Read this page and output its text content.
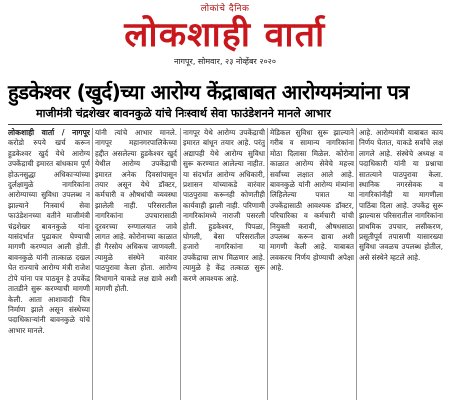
लोकांचे दैनिक
लोकशाही वार्ता
नागपूर, सोमवार, २३ नोव्हेंबर २०२०
हुडकेश्वर (खुर्द)च्या आरोग्य केंद्राबाबत आरोग्यमंत्र्यांना पत्र
माजीमंत्री चंद्रशेखर बावनकुळे यांचे निःस्वार्थ सेवा फाउंडेशनने मानले आभार
लोकशाही वार्ता / नागपूर करोडो रुपये खर्च करून हुडकेश्वर खुर्द येथे आरोग्य उपकेंद्राची इमारत बांधकाम पूर्ण होऊनसुद्धा अधिकाऱ्यांच्या दुर्लक्षामुळे नागरिकांना आरोग्याच्या सुविधा उपलब्ध न झाल्याने निःस्वार्थ सेवा फाउंडेशनच्या वतीने माजीमंत्री चंद्रशेखर बावनकुळे यांना यासंदर्भात पुढाकार घेण्याची मागणी करण्यात आली होती. बावनकुळे यांनी तात्काळ दखल घेत राज्याचे आरोग्य मंत्री राजेश टोपे यांना पत्र पाठवून हे उपकेंद्र तातडीने सुरू करण्याची मागणी केली. आता आशावादी चित्र निर्माण झाले असून संस्थेच्या पदाधिकाऱ्यांनी बावनकुळे यांचे आभार मानले.
यांनी त्यांचे आभार मानले. नागपूर महानगरपालिकेच्या हद्दीत असलेल्या हुडकेश्वर खुर्द येथील आरोग्य उपकेंद्राची इमारत अनेक दिवसांपासून तयार असून येथे डॉक्टर, कर्मचारी व औषधांची व्यवस्था झालेली नाही. परिसरातील नागरिकांना उपचारासाठी दूरवरच्या रुग्णालयात जावे लागत आहे. कोरोनाच्या काळात ही गैरसोय अधिकच जाणवली. त्यामुळे संस्थेने वारंवार पाठपुरावा केला होता. आरोग्य विभागाने याकडे लक्ष द्यावे अशी मागणी होती.
नागपूर येथे आरोग्य उपकेंद्राची इमारत बांधून तयार आहे. परंतु अद्यापही येथे आरोग्य सुविधा सुरू करण्यात आलेल्या नाहीत. या संदर्भात आरोग्य अधिकारी, प्रशासन यांच्याकडे वारंवार पाठपुरावा करूनही कोणतीही कार्यवाही झाली नाही. परिणामी नागरिकांमध्ये नाराजी पसरली होती. हुडकेश्वर, पिपळा, घोगली, बेसा परिसरातील हजारो नागरिकांना या उपकेंद्राचा लाभ मिळणार आहे. त्यामुळे हे केंद्र तत्काळ सुरू करणे आवश्यक आहे.
मेडिकल सुविधा सुरू झाल्याने गरीब व सामान्य नागरिकांना मोठा दिलासा मिळेल. कोरोना काळात आरोग्य सेवेचे महत्त्व सर्वांच्या लक्षात आले आहे. बावनकुळे यांनी आरोग्य मंत्र्यांना लिहिलेल्या पत्रात या उपकेंद्रासाठी आवश्यक डॉक्टर, परिचारिका व कर्मचारी यांची नियुक्ती करावी, औषधसाठा उपलब्ध करून द्यावा अशी मागणी केली आहे. याबाबत लवकरच निर्णय होण्याची अपेक्षा आहे.
आहे. आरोग्यमंत्री याबाबत काय निर्णय घेतात, याकडे सर्वांचे लक्ष लागले आहे. संस्थेचे अध्यक्ष व पदाधिकारी यांनी या प्रश्नाचा सातत्याने पाठपुरावा केला. स्थानिक नगरसेवक व नागरिकांनीही या मागणीला पाठिंबा दिला आहे. उपकेंद्र सुरू झाल्यास परिसरातील नागरिकांना प्राथमिक उपचार, लसीकरण, प्रसूतीपूर्व तपासणी यासारख्या सुविधा जवळच उपलब्ध होतील, असे संस्थेने म्हटले आहे.
